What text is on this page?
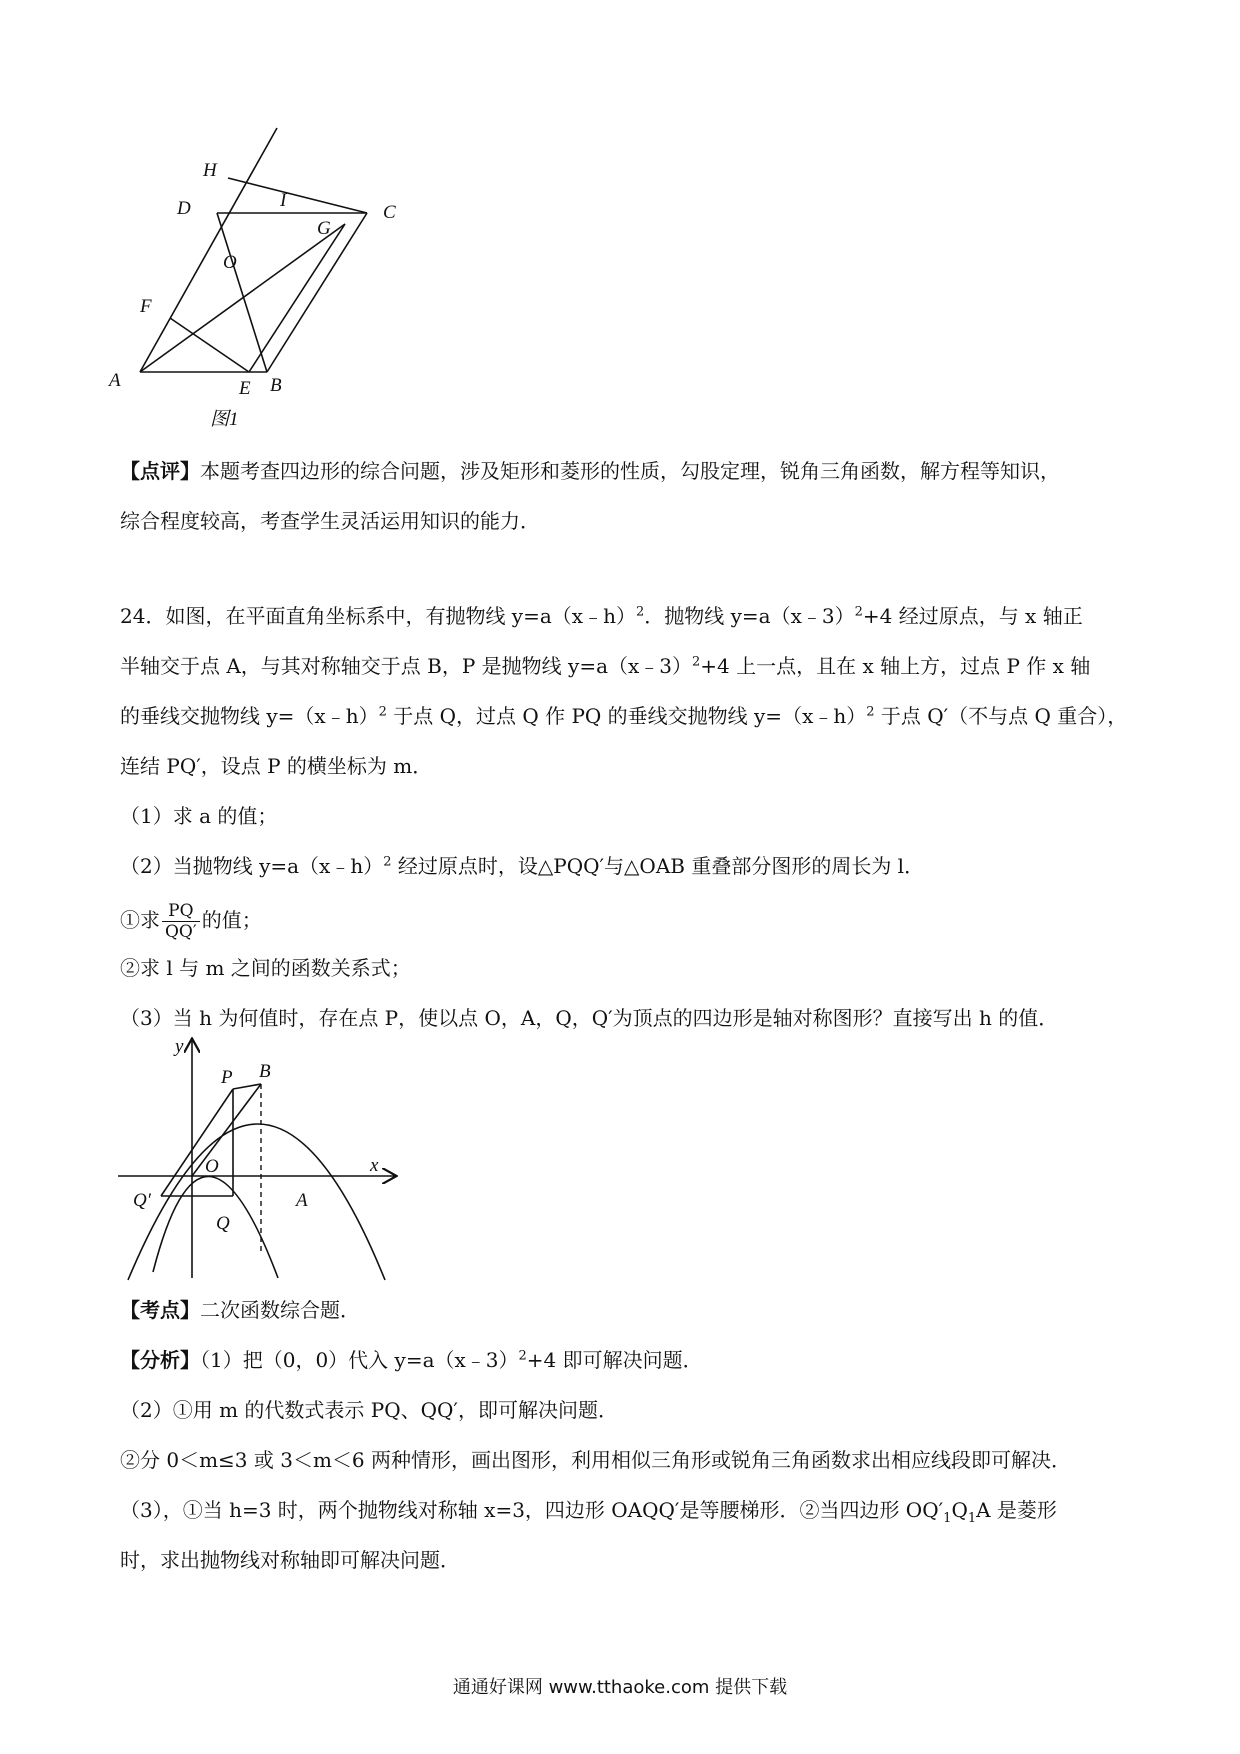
H
D	I
C
G
O
F
A	E B
图1
【点评】本题考查四边形的综合问题，涉及矩形和菱形的性质，勾股定理，锐角三角函数，解方程等知识，
综合程度较高，考查学生灵活运用知识的能力．
24．如图，在平面直角坐标系中，有抛物线 y=a（x﹣h）$^2$．抛物线 y=a（x﹣3）$^2$+4 经过原点，与 x 轴正
半轴交于点 A，与其对称轴交于点 B，P 是抛物线 y=a（x﹣3）$^2$+4 上一点，且在 x 轴上方，过点 P 作 x 轴
的垂线交抛物线 y=（x﹣h）$^2$ 于点 Q，过点 Q 作 PQ 的垂线交抛物线 y=（x﹣h）$^2$ 于点 Q′（不与点 Q 重合），
连结 PQ′，设点 P 的横坐标为 m．
（1）求 a 的值；
（2）当抛物线 y=a（x﹣h）$^2$ 经过原点时，设△PQQ′与△OAB 重叠部分图形的周长为 l．
①求 $\frac{PQ}{QQ'}$ 的值；
②求 l 与 m 之间的函数关系式；
（3）当 h 为何值时，存在点 P，使以点 O，A，Q，Q′为顶点的四边形是轴对称图形？直接写出 h 的值．
y
x
P B
O
Q′	A
Q
【考点】二次函数综合题．
【分析】（1）把（0，0）代入 y=a（x﹣3）$^2$+4 即可解决问题．
（2）①用 m 的代数式表示 PQ、QQ′，即可解决问题．
②分 0＜m≤3 或 3＜m＜6 两种情形，画出图形，利用相似三角形或锐角三角函数求出相应线段即可解决．
（3），①当 h=3 时，两个抛物线对称轴 x=3，四边形 OAQQ′是等腰梯形．②当四边形 $OQ'_1Q_1A$ 是菱形
时，求出抛物线对称轴即可解决问题．
通通好课网 www.tthaoke.com 提供下载
